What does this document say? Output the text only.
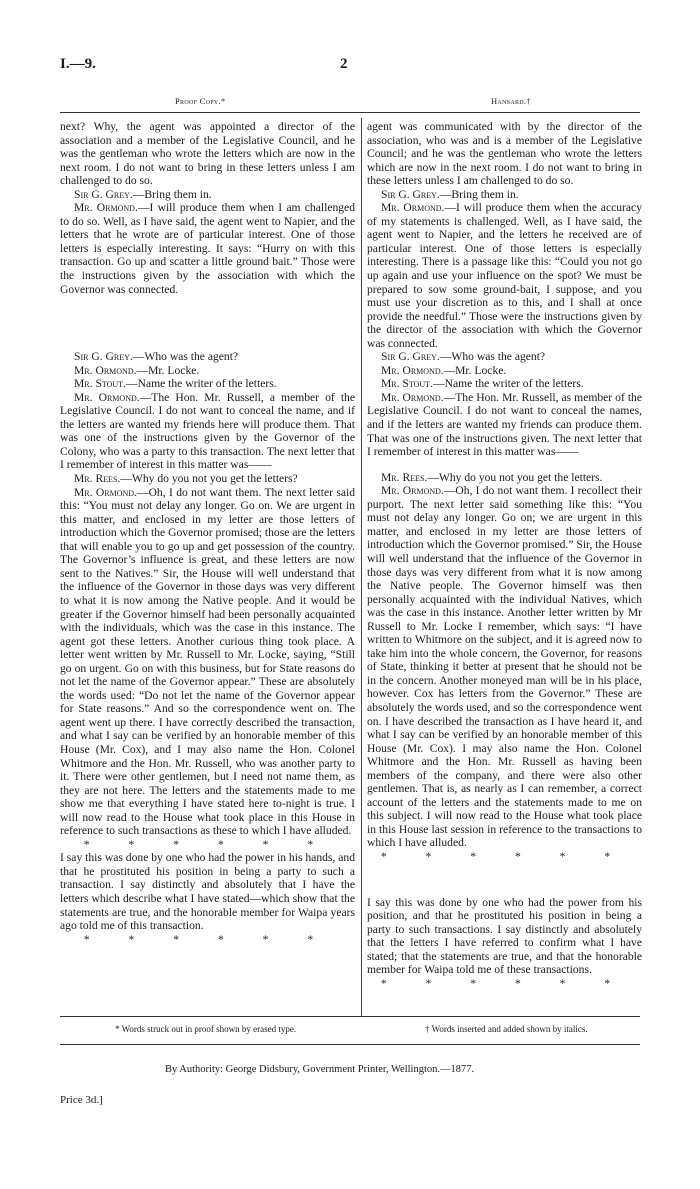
I.—9.	2
Proof Copy.*	Hansard.†

next? Why, the agent was appointed a director of the association and a member of the Legislative Council, and he was the gentleman who wrote the letters which are now in the next room. I do not want to bring in these letters unless I am challenged to do so.

Sir G. Grey.—Bring them in.

Mr. Ormond.—I will produce them when I am challenged to do so. Well, as I have said, the agent went to Napier, and the letters that he wrote are of particular interest. One of those letters is especially interesting. It says: “Hurry on with this transaction. Go up and scatter a little ground bait.” Those were the instructions given by the association with which the Governor was connected.

Sir G. Grey.—Who was the agent?

Mr. Ormond.—Mr. Locke.

Mr. Stout.—Name the writer of the letters.

Mr. Ormond.—The Hon. Mr. Russell, a member of the Legislative Council. I do not want to conceal the name, and if the letters are wanted my friends here will produce them. That was one of the instructions given by the Governor of the Colony, who was a party to this transaction. The next letter that I remember of interest in this matter was——

Mr. Rees.—Why do you not you get the letters?

Mr. Ormond.—Oh, I do not want them. The next letter said this: “You must not delay any longer. Go on. We are urgent in this matter, and enclosed in my letter are those letters of introduction which the Governor promised; those are the letters that will enable you to go up and get possession of the country. The Governor’s influence is great, and these letters are now sent to the Natives.” Sir, the House will well understand that the influence of the Governor in those days was very different to what it is now among the Native people. And it would be greater if the Governor himself had been personally acquainted with the individuals, which was the case in this instance. The agent got these letters. Another curious thing took place. A letter went written by Mr. Russell to Mr. Locke, saying, “Still go on urgent. Go on with this business, but for State reasons do not let the name of the Governor appear.” These are absolutely the words used: “Do not let the name of the Governor appear for State reasons.” And so the correspondence went on. The agent went up there. I have correctly described the transaction, and what I say can be verified by an honorable member of this House (Mr. Cox), and I may also name the Hon. Colonel Whitmore and the Hon. Mr. Russell, who was another party to it. There were other gentlemen, but I need not name them, as they are not here. The letters and the statements made to me show me that everything I have stated here to-night is true. I will now read to the House what took place in this House in reference to such transactions as these to which I have alluded.

* * * * * *

I say this was done by one who had the power in his hands, and that he prostituted his position in being a party to such a transaction. I say distinctly and absolutely that I have the letters which describe what I have stated—which show that the statements are true, and the honorable member for Waipa years ago told me of this transaction.

* * * * * *

agent was communicated with by the director of the association, who was and is a member of the Legislative Council; and he was the gentleman who wrote the letters which are now in the next room. I do not want to bring in these letters unless I am challenged to do so.

Sir G. Grey.—Bring them in.

Mr. Ormond.—I will produce them when the accuracy of my statements is challenged. Well, as I have said, the agent went to Napier, and the letters he received are of particular interest. One of those letters is especially interesting. There is a passage like this: “Could you not go up again and use your influence on the spot? We must be prepared to sow some ground-bait, I suppose, and you must use your discretion as to this, and I shall at once provide the needful.” Those were the instructions given by the director of the association with which the Governor was connected.

Sir G. Grey.—Who was the agent?

Mr. Ormond.—Mr. Locke.

Mr. Stout.—Name the writer of the letters.

Mr. Ormond.—The Hon. Mr. Russell, as member of the Legislative Council. I do not want to conceal the names, and if the letters are wanted my friends can produce them. That was one of the instructions given. The next letter that I remember of interest in this matter was——

Mr. Rees.—Why do you not you get the letters.

Mr. Ormond.—Oh, I do not want them. I recollect their purport. The next letter said something like this: “You must not delay any longer. Go on; we are urgent in this matter, and enclosed in my letter are those letters of introduction which the Governor promised.” Sir, the House will well understand that the influence of the Governor in those days was very different from what it is now among the Native people. The Governor himself was then personally acquainted with the individual Natives, which was the case in this instance. Another letter written by Mr Russell to Mr. Locke I remember, which says: “I have written to Whitmore on the subject, and it is agreed now to take him into the whole concern, the Governor, for reasons of State, thinking it better at present that he should not be in the concern. Another moneyed man will be in his place, however. Cox has letters from the Governor.” These are absolutely the words used, and so the correspondence went on. I have described the transaction as I have heard it, and what I say can be verified by an honorable member of this House (Mr. Cox). I may also name the Hon. Colonel Whitmore and the Hon. Mr. Russell as having been members of the company, and there were also other gentlemen. That is, as nearly as I can remember, a correct account of the letters and the statements made to me on this subject. I will now read to the House what took place in this House last session in reference to the transactions to which I have alluded.

* * * * * *

I say this was done by one who had the power from his position, and that he prostituted his position in being a party to such transactions. I say distinctly and absolutely that the letters I have referred to confirm what I have stated; that the statements are true, and that the honorable member for Waipa told me of these transactions.

* * * * * *

* Words struck out in proof shown by erased type.	† Words inserted and added shown by italics.
By Authority: George Didsbury, Government Printer, Wellington.—1877.
Price 3d.]
